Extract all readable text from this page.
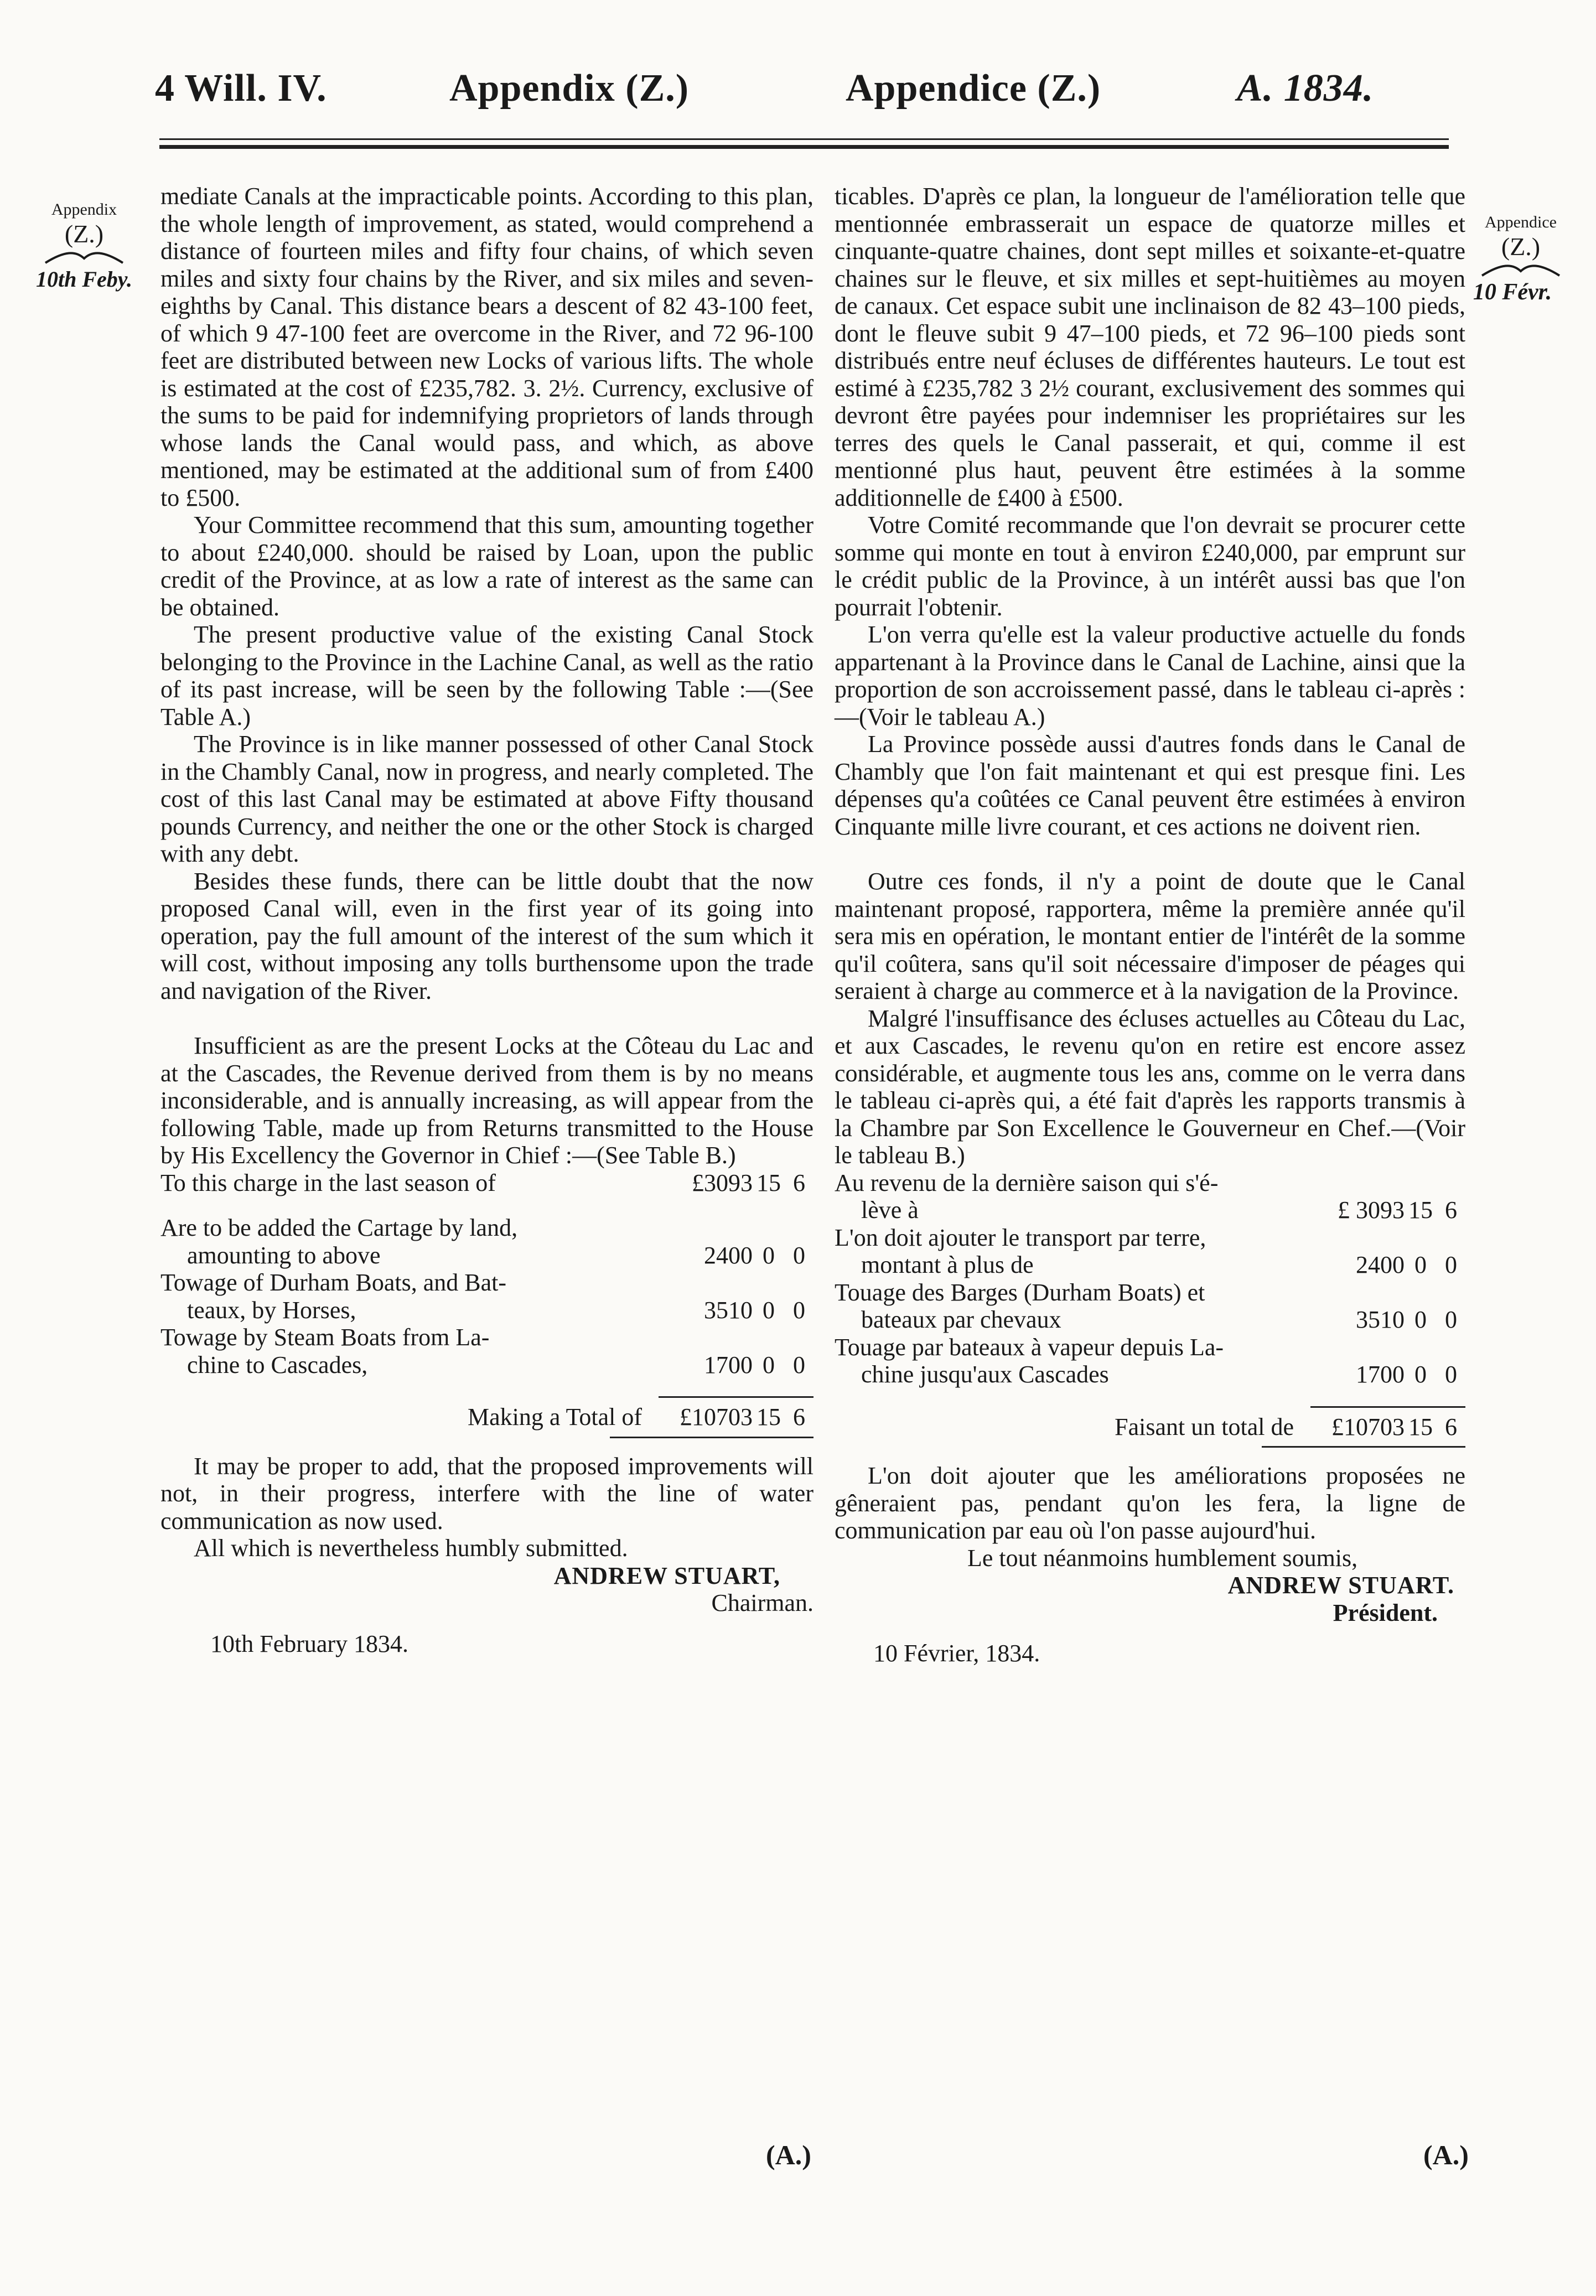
4 Will. IV.	Appendix (Z.)	Appendice (Z.)	A. 1834.
Appendix
(Z.)
10th Feby.
Appendice
(Z.)
10 Févr.

mediate Canals at the impracticable points. According to this plan, the whole length of improvement, as stated, would comprehend a distance of fourteen miles and fifty four chains, of which seven miles and sixty four chains by the River, and six miles and seven-eighths by Canal. This distance bears a descent of 82 43-100 feet, of which 9 47-100 feet are overcome in the River, and 72 96-100 feet are distributed between new Locks of various lifts. The whole is estimated at the cost of £235,782. 3. 2½. Currency, exclusive of the sums to be paid for indemnifying proprietors of lands through whose lands the Canal would pass, and which, as above mentioned, may be estimated at the additional sum of from £400 to £500.

Your Committee recommend that this sum, amounting together to about £240,000. should be raised by Loan, upon the public credit of the Province, at as low a rate of interest as the same can be obtained.

The present productive value of the existing Canal Stock belonging to the Province in the Lachine Canal, as well as the ratio of its past increase, will be seen by the following Table :—(See Table A.)

The Province is in like manner possessed of other Canal Stock in the Chambly Canal, now in progress, and nearly completed. The cost of this last Canal may be estimated at above Fifty thousand pounds Currency, and neither the one or the other Stock is charged with any debt.

Besides these funds, there can be little doubt that the now proposed Canal will, even in the first year of its going into operation, pay the full amount of the interest of the sum which it will cost, without imposing any tolls burthensome upon the trade and navigation of the River.

Insufficient as are the present Locks at the Côteau du Lac and at the Cascades, the Revenue derived from them is by no means inconsiderable, and is annually increasing, as will appear from the following Table, made up from Returns transmitted to the House by His Excellency the Governor in Chief :—(See Table B.)

To this charge in the last season of	£3093	15	6

Are to be added the Cartage by land,
amounting to above	2400	0	0
Towage of Durham Boats, and Bat-
teaux, by Horses,	3510	0	0
Towage by Steam Boats from La-
chine to Cascades,	1700	0	0

Making a Total of	£10703	15	6

It may be proper to add, that the proposed improvements will not, in their progress, interfere with the line of water communication as now used.

All which is nevertheless humbly submitted.

ANDREW STUART,
Chairman.
10th February 1834.

ticables. D'après ce plan, la longueur de l'amélioration telle que mentionnée embrasserait un espace de quatorze milles et cinquante-quatre chaines, dont sept milles et soixante-et-quatre chaines sur le fleuve, et six milles et sept-huitièmes au moyen de canaux. Cet espace subit une inclinaison de 82 43–100 pieds, dont le fleuve subit 9 47–100 pieds, et 72 96–100 pieds sont distribués entre neuf écluses de différentes hauteurs. Le tout est estimé à £235,782 3 2½ courant, exclusivement des sommes qui devront être payées pour indemniser les propriétaires sur les terres des quels le Canal passerait, et qui, comme il est mentionné plus haut, peuvent être estimées à la somme additionnelle de £400 à £500.

Votre Comité recommande que l'on devrait se procurer cette somme qui monte en tout à environ £240,000, par emprunt sur le crédit public de la Province, à un intérêt aussi bas que l'on pourrait l'obtenir.

L'on verra qu'elle est la valeur productive actuelle du fonds appartenant à la Province dans le Canal de Lachine, ainsi que la proportion de son accroissement passé, dans le tableau ci-après :—(Voir le tableau A.)

La Province possède aussi d'autres fonds dans le Canal de Chambly que l'on fait maintenant et qui est presque fini. Les dépenses qu'a coûtées ce Canal peuvent être estimées à environ Cinquante mille livre courant, et ces actions ne doivent rien.

Outre ces fonds, il n'y a point de doute que le Canal maintenant proposé, rapportera, même la première année qu'il sera mis en opération, le montant entier de l'intérêt de la somme qu'il coûtera, sans qu'il soit nécessaire d'imposer de péages qui seraient à charge au commerce et à la navigation de la Province.

Malgré l'insuffisance des écluses actuelles au Côteau du Lac, et aux Cascades, le revenu qu'on en retire est encore assez considérable, et augmente tous les ans, comme on le verra dans le tableau ci-après qui, a été fait d'après les rapports transmis à la Chambre par Son Excellence le Gouverneur en Chef.—(Voir le tableau B.)

Au revenu de la dernière saison qui s'é-
lève à	£ 3093	15	6
L'on doit ajouter le transport par terre,
montant à plus de	2400	0	0
Touage des Barges (Durham Boats) et
bateaux par chevaux	3510	0	0
Touage par bateaux à vapeur depuis La-
chine jusqu'aux Cascades	1700	0	0

Faisant un total de	£10703	15	6

L'on doit ajouter que les améliorations proposées ne gêneraient pas, pendant qu'on les fera, la ligne de communication par eau où l'on passe aujourd'hui.

Le tout néanmoins humblement soumis,

ANDREW STUART.
Président.
10 Février, 1834.
(A.)	(A.)
